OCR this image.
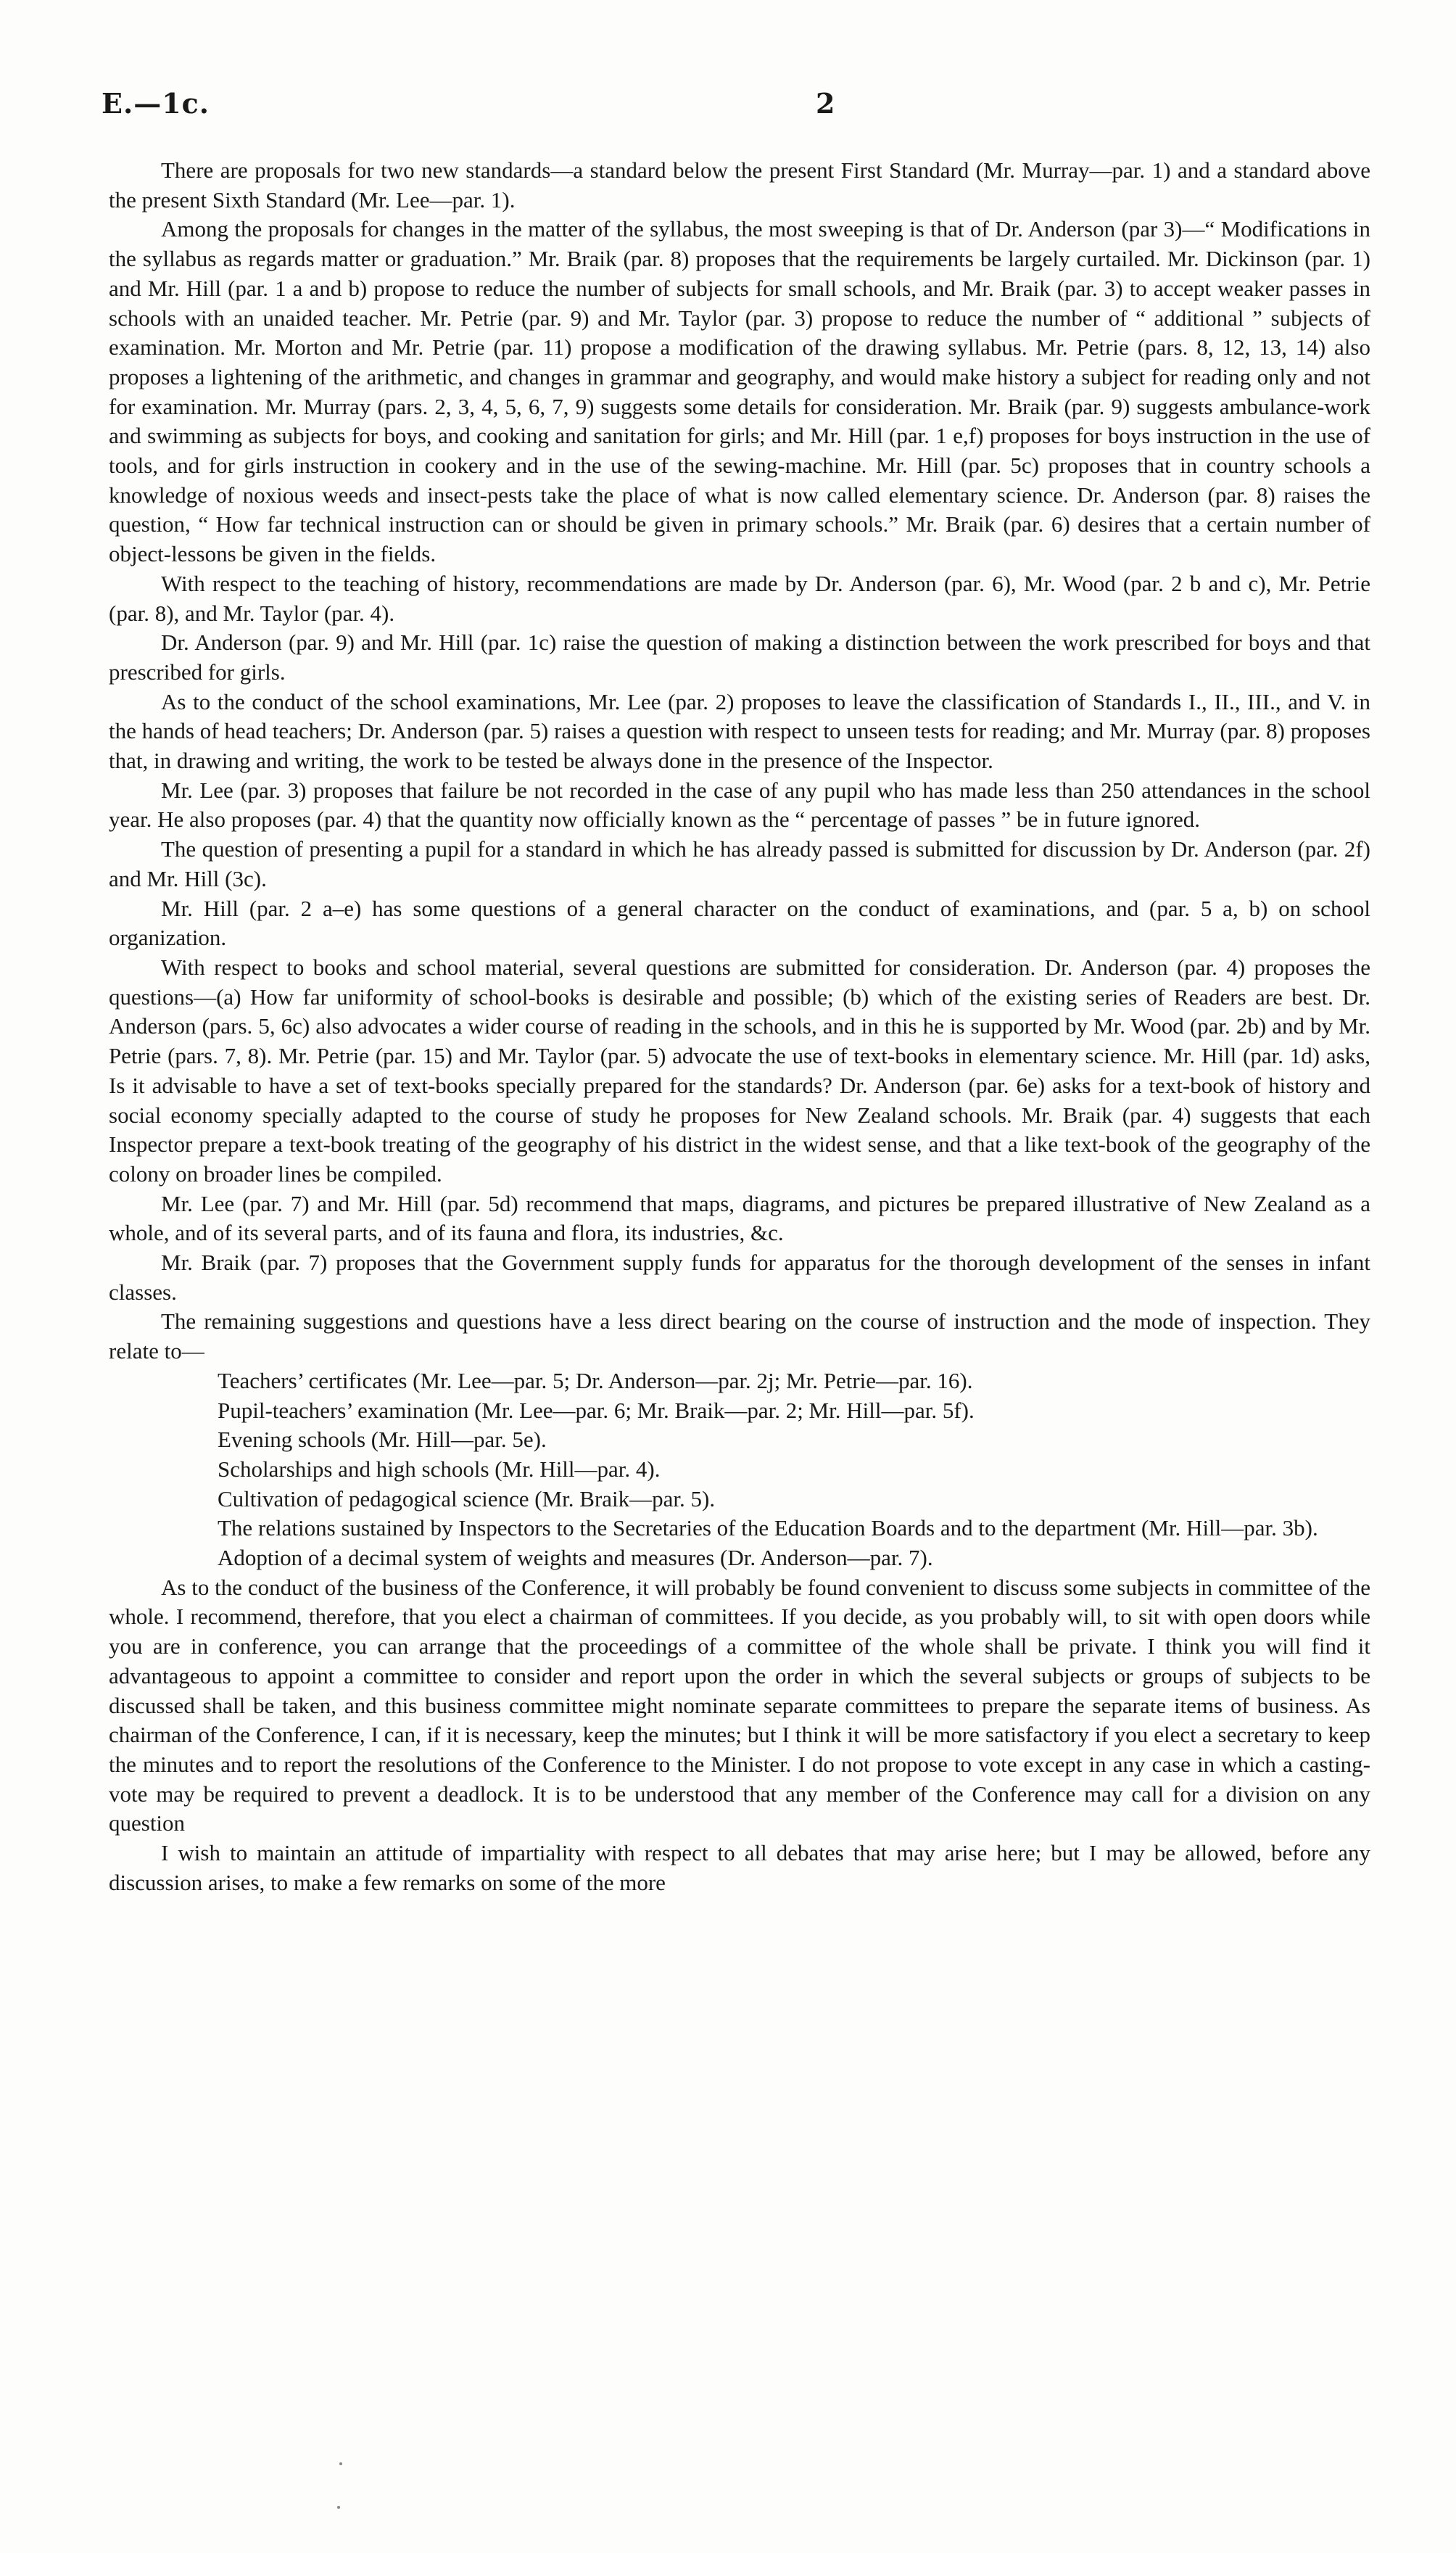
E.—1c.	2

There are proposals for two new standards—a standard below the present First Standard (Mr. Murray—par. 1) and a standard above the present Sixth Standard (Mr. Lee—par. 1).

Among the proposals for changes in the matter of the syllabus, the most sweeping is that of Dr. Anderson (par 3)—“ Modifications in the syllabus as regards matter or graduation.” Mr. Braik (par. 8) proposes that the requirements be largely curtailed. Mr. Dickinson (par. 1) and Mr. Hill (par. 1 a and b) propose to reduce the number of subjects for small schools, and Mr. Braik (par. 3) to accept weaker passes in schools with an unaided teacher. Mr. Petrie (par. 9) and Mr. Taylor (par. 3) propose to reduce the number of “ additional ” subjects of examination. Mr. Morton and Mr. Petrie (par. 11) propose a modification of the drawing syllabus. Mr. Petrie (pars. 8, 12, 13, 14) also proposes a lightening of the arithmetic, and changes in grammar and geography, and would make history a subject for reading only and not for examination. Mr. Murray (pars. 2, 3, 4, 5, 6, 7, 9) suggests some details for consideration. Mr. Braik (par. 9) suggests ambulance-work and swimming as subjects for boys, and cooking and sanitation for girls; and Mr. Hill (par. 1 e,f) proposes for boys instruction in the use of tools, and for girls instruction in cookery and in the use of the sewing-machine. Mr. Hill (par. 5c) proposes that in country schools a knowledge of noxious weeds and insect-pests take the place of what is now called elementary science. Dr. Anderson (par. 8) raises the question, “ How far technical instruction can or should be given in primary schools.” Mr. Braik (par. 6) desires that a certain number of object-lessons be given in the fields.

With respect to the teaching of history, recommendations are made by Dr. Anderson (par. 6), Mr. Wood (par. 2 b and c), Mr. Petrie (par. 8), and Mr. Taylor (par. 4).

Dr. Anderson (par. 9) and Mr. Hill (par. 1c) raise the question of making a distinction between the work prescribed for boys and that prescribed for girls.

As to the conduct of the school examinations, Mr. Lee (par. 2) proposes to leave the classification of Standards I., II., III., and V. in the hands of head teachers; Dr. Anderson (par. 5) raises a question with respect to unseen tests for reading; and Mr. Murray (par. 8) proposes that, in drawing and writing, the work to be tested be always done in the presence of the Inspector.

Mr. Lee (par. 3) proposes that failure be not recorded in the case of any pupil who has made less than 250 attendances in the school year. He also proposes (par. 4) that the quantity now officially known as the “ percentage of passes ” be in future ignored.

The question of presenting a pupil for a standard in which he has already passed is submitted for discussion by Dr. Anderson (par. 2f) and Mr. Hill (3c).

Mr. Hill (par. 2 a–e) has some questions of a general character on the conduct of examinations, and (par. 5 a, b) on school organization.

With respect to books and school material, several questions are submitted for consideration. Dr. Anderson (par. 4) proposes the questions—(a) How far uniformity of school-books is desirable and possible; (b) which of the existing series of Readers are best. Dr. Anderson (pars. 5, 6c) also advocates a wider course of reading in the schools, and in this he is supported by Mr. Wood (par. 2b) and by Mr. Petrie (pars. 7, 8). Mr. Petrie (par. 15) and Mr. Taylor (par. 5) advocate the use of text-books in elementary science. Mr. Hill (par. 1d) asks, Is it advisable to have a set of text-books specially prepared for the standards? Dr. Anderson (par. 6e) asks for a text-book of history and social economy specially adapted to the course of study he proposes for New Zealand schools. Mr. Braik (par. 4) suggests that each Inspector prepare a text-book treating of the geography of his district in the widest sense, and that a like text-book of the geography of the colony on broader lines be compiled.

Mr. Lee (par. 7) and Mr. Hill (par. 5d) recommend that maps, diagrams, and pictures be prepared illustrative of New Zealand as a whole, and of its several parts, and of its fauna and flora, its industries, &c.

Mr. Braik (par. 7) proposes that the Government supply funds for apparatus for the thorough development of the senses in infant classes.

The remaining suggestions and questions have a less direct bearing on the course of instruction and the mode of inspection. They relate to—

Teachers’ certificates (Mr. Lee—par. 5; Dr. Anderson—par. 2j; Mr. Petrie—par. 16).
Pupil-teachers’ examination (Mr. Lee—par. 6; Mr. Braik—par. 2; Mr. Hill—par. 5f).
Evening schools (Mr. Hill—par. 5e).
Scholarships and high schools (Mr. Hill—par. 4).
Cultivation of pedagogical science (Mr. Braik—par. 5).
The relations sustained by Inspectors to the Secretaries of the Education Boards and to the department (Mr. Hill—par. 3b).
Adoption of a decimal system of weights and measures (Dr. Anderson—par. 7).

As to the conduct of the business of the Conference, it will probably be found convenient to discuss some subjects in committee of the whole. I recommend, therefore, that you elect a chairman of committees. If you decide, as you probably will, to sit with open doors while you are in conference, you can arrange that the proceedings of a committee of the whole shall be private. I think you will find it advantageous to appoint a committee to consider and report upon the order in which the several subjects or groups of subjects to be discussed shall be taken, and this business committee might nominate separate committees to prepare the separate items of business. As chairman of the Conference, I can, if it is necessary, keep the minutes; but I think it will be more satisfactory if you elect a secretary to keep the minutes and to report the resolutions of the Conference to the Minister. I do not propose to vote except in any case in which a casting-vote may be required to prevent a deadlock. It is to be understood that any member of the Conference may call for a division on any question

I wish to maintain an attitude of impartiality with respect to all debates that may arise here; but I may be allowed, before any discussion arises, to make a few remarks on some of the more
